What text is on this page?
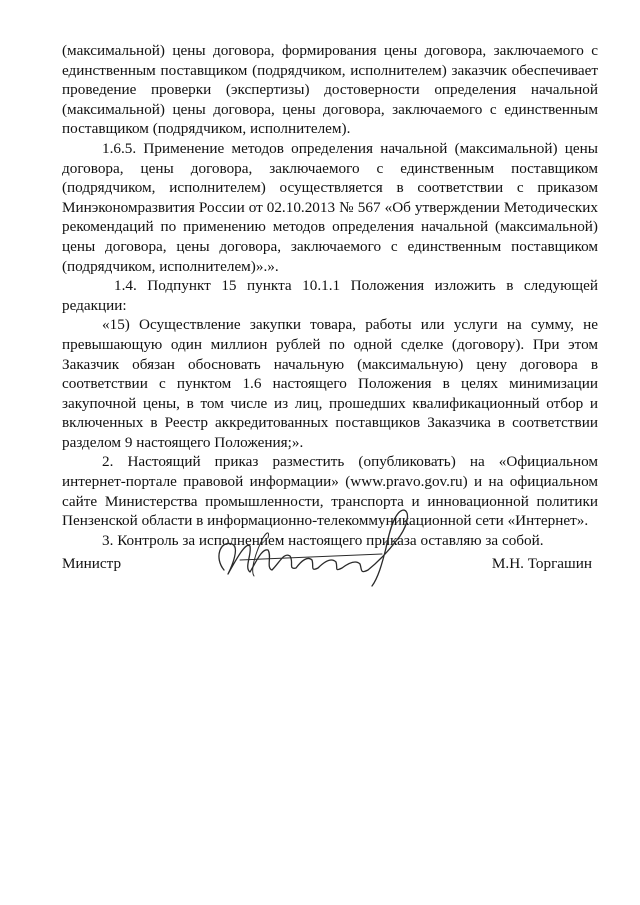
(максимальной) цены договора, формирования цены договора, заключаемого с единственным поставщиком (подрядчиком, исполнителем) заказчик обеспечивает проведение проверки (экспертизы) достоверности определения начальной (максимальной) цены договора, цены договора, заключаемого с единственным поставщиком (подрядчиком, исполнителем).

1.6.5. Применение методов определения начальной (максимальной) цены договора, цены договора, заключаемого с единственным поставщиком (подрядчиком, исполнителем) осуществляется в соответствии с приказом Минэкономразвития России от 02.10.2013 № 567 «Об утверждении Методических рекомендаций по применению методов определения начальной (максимальной) цены договора, цены договора, заключаемого с единственным поставщиком (подрядчиком, исполнителем)».».

1.4. Подпункт 15 пункта 10.1.1 Положения изложить в следующей редакции:

«15) Осуществление закупки товара, работы или услуги на сумму, не превышающую один миллион рублей по одной сделке (договору). При этом Заказчик обязан обосновать начальную (максимальную) цену договора в соответствии с пунктом 1.6 настоящего Положения в целях минимизации закупочной цены, в том числе из лиц, прошедших квалификационный отбор и включенных в Реестр аккредитованных поставщиков Заказчика в соответствии разделом 9 настоящего Положения;».

2. Настоящий приказ разместить (опубликовать) на «Официальном интернет-портале правовой информации» (www.pravo.gov.ru) и на официальном сайте Министерства промышленности, транспорта и инновационной политики Пензенской области в информационно-телекоммуникационной сети «Интернет».

3. Контроль за исполнением настоящего приказа оставляю за собой.

Министр	М.Н. Торгашин
